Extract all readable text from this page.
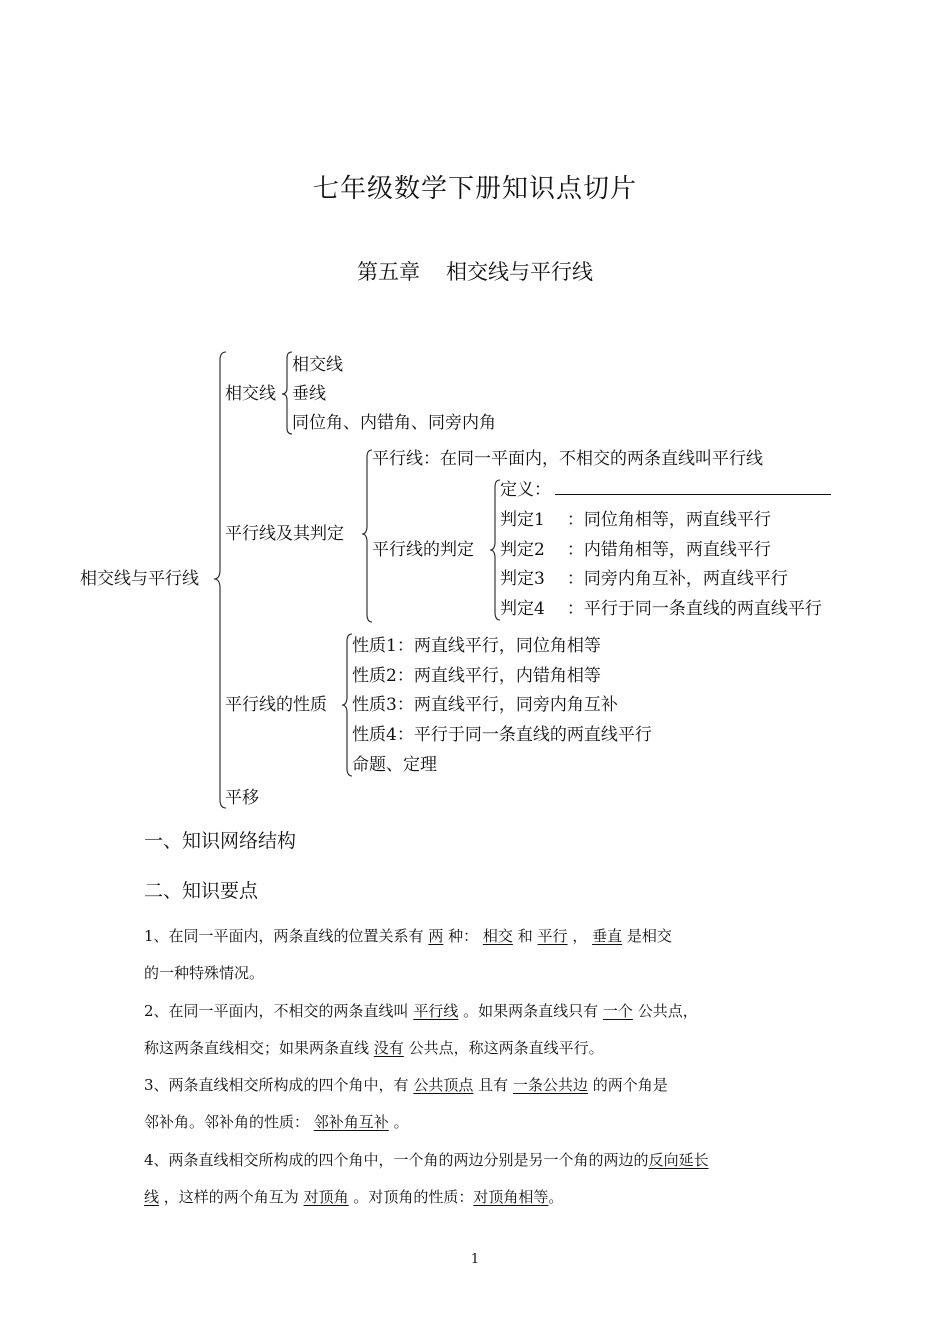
七年级数学下册知识点切片
第五章 相交线与平行线
相交线与平行线
相交线
相交线
垂线
同位角、内错角、同旁内角
平行线及其判定
平行线：在同一平面内，不相交的两条直线叫平行线
平行线的判定
定义：
判定1 ：同位角相等，两直线平行
判定2 ：内错角相等，两直线平行
判定3 ：同旁内角互补，两直线平行
判定4 ：平行于同一条直线的两直线平行
平行线的性质
性质1：两直线平行，同位角相等
性质2：两直线平行，内错角相等
性质3：两直线平行，同旁内角互补
性质4：平行于同一条直线的两直线平行
命题、定理
平移
一、知识网络结构
二、知识要点
1、在同一平面内，两条直线的位置关系有 两 种： 相交 和 平行 ， 垂直 是相交
的一种特殊情况。
2、在同一平面内，不相交的两条直线叫 平行线 。如果两条直线只有 一个 公共点，
称这两条直线相交；如果两条直线 没有 公共点，称这两条直线平行。
3、两条直线相交所构成的四个角中，有 公共顶点 且有 一条公共边 的两个角是
邻补角。邻补角的性质： 邻补角互补 。
4、两条直线相交所构成的四个角中，一个角的两边分别是另一个角的两边的反向延长
线 ，这样的两个角互为 对顶角 。对顶角的性质：对顶角相等。
1
